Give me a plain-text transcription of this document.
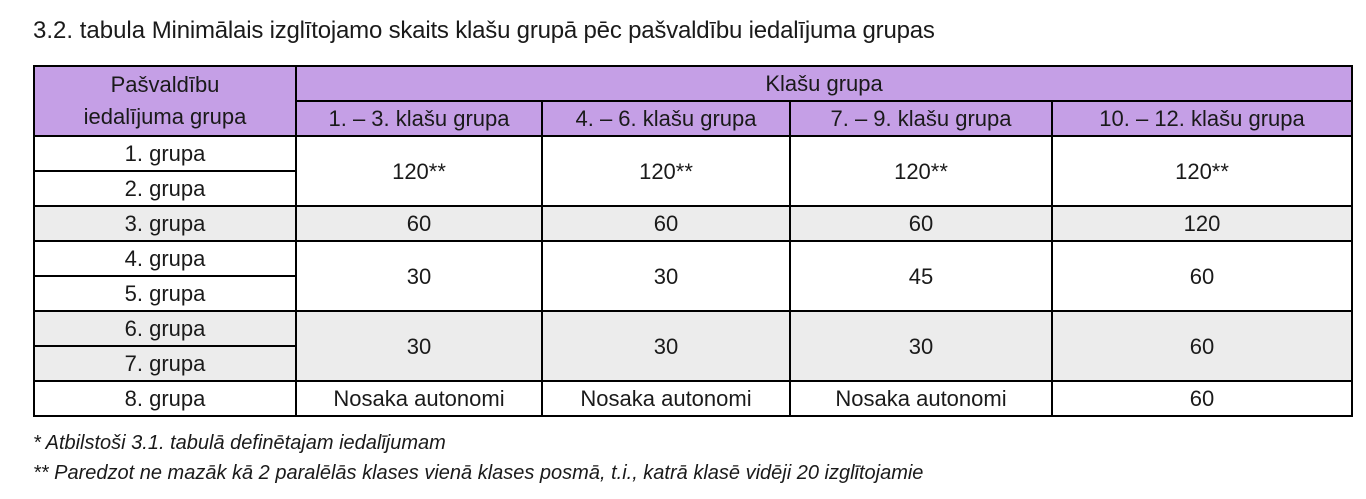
3.2. tabula Minimālais izglītojamo skaits klašu grupā pēc pašvaldību iedalījuma grupas
Pašvaldību
iedalījuma grupa	Klašu grupa			
	1. – 3. klašu grupa	4. – 6. klašu grupa	7. – 9. klašu grupa	10. – 12. klašu grupa
1. grupa	120**	120**	120**	120**
2. grupa				
3. grupa	60	60	60	120
4. grupa	30	30	45	60
5. grupa				
6. grupa	30	30	30	60
7. grupa				
8. grupa	Nosaka autonomi	Nosaka autonomi	Nosaka autonomi	60
* Atbilstoši 3.1. tabulā definētajam iedalījumam
** Paredzot ne mazāk kā 2 paralēlās klases vienā klases posmā, t.i., katrā klasē vidēji 20 izglītojamie
